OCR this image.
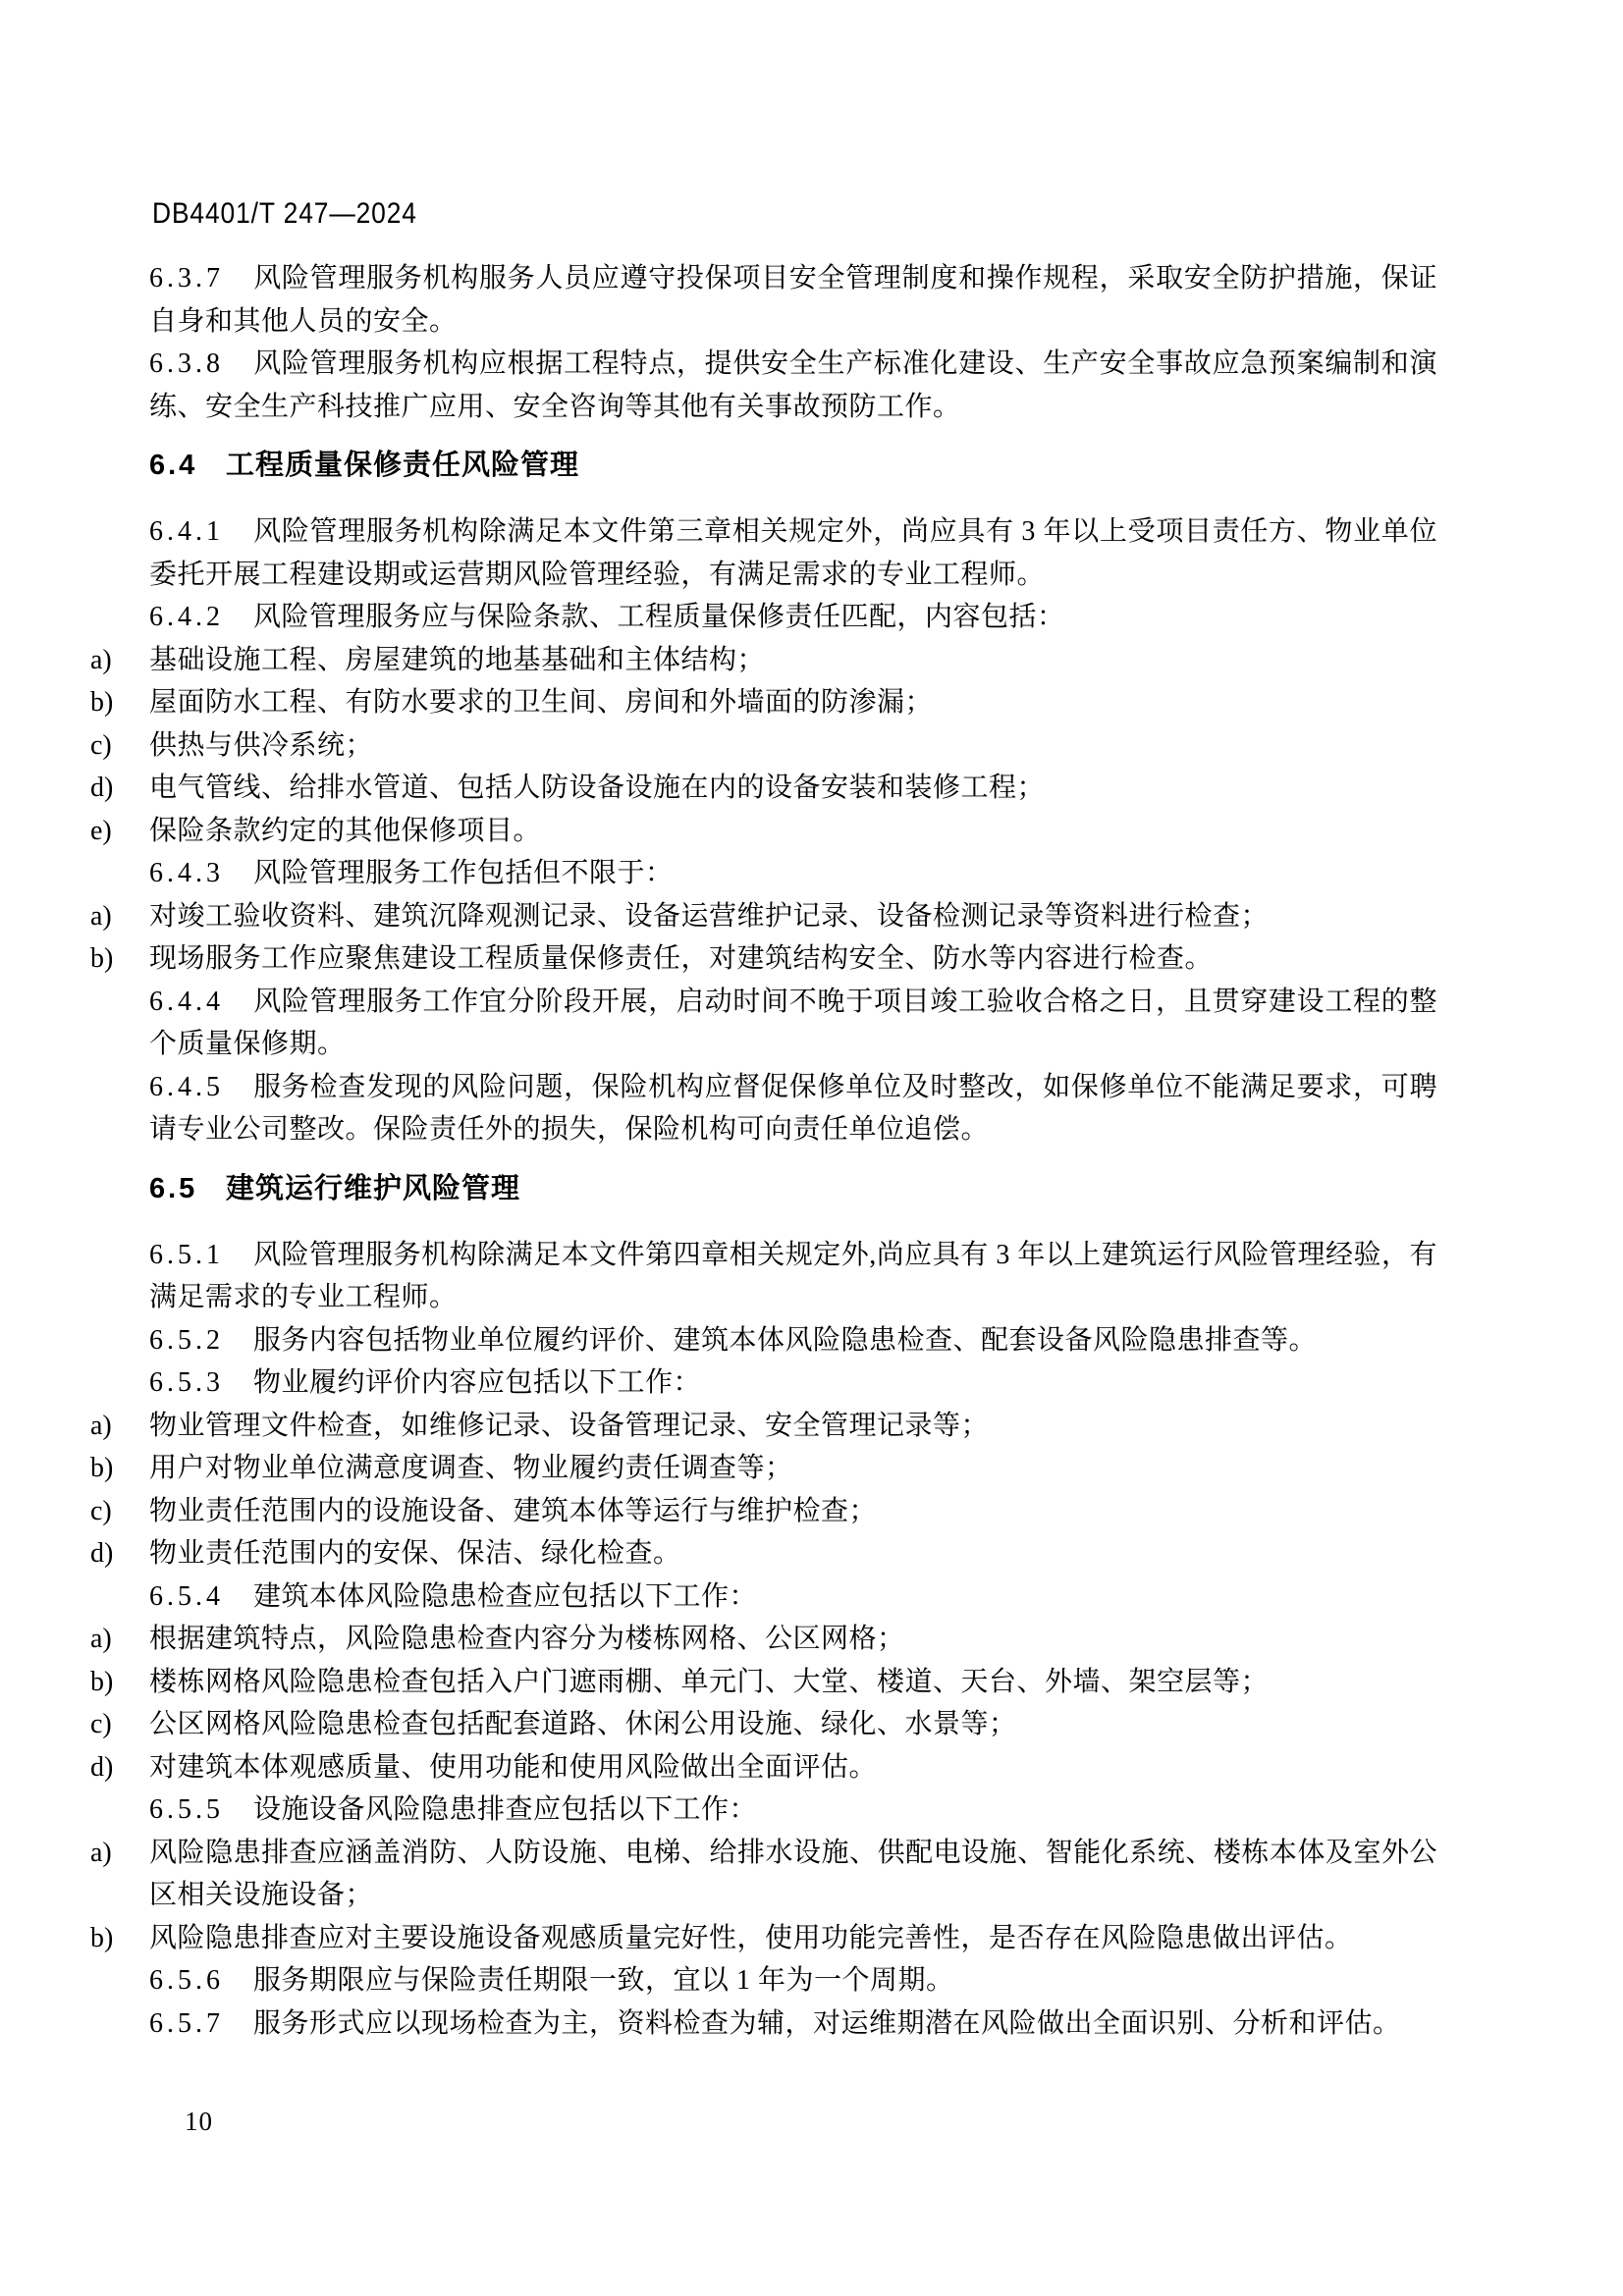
DB4401/T 247—2024

6.3.7 风险管理服务机构服务人员应遵守投保项目安全管理制度和操作规程，采取安全防护措施，保证自身和其他人员的安全。

6.3.8 风险管理服务机构应根据工程特点，提供安全生产标准化建设、生产安全事故应急预案编制和演练、安全生产科技推广应用、安全咨询等其他有关事故预防工作。

6.4 工程质量保修责任风险管理

6.4.1 风险管理服务机构除满足本文件第三章相关规定外，尚应具有 3 年以上受项目责任方、物业单位委托开展工程建设期或运营期风险管理经验，有满足需求的专业工程师。

6.4.2 风险管理服务应与保险条款、工程质量保修责任匹配，内容包括：

a) 基础设施工程、房屋建筑的地基基础和主体结构；

b) 屋面防水工程、有防水要求的卫生间、房间和外墙面的防渗漏；

c) 供热与供冷系统；

d) 电气管线、给排水管道、包括人防设备设施在内的设备安装和装修工程；

e) 保险条款约定的其他保修项目。

6.4.3 风险管理服务工作包括但不限于：

a) 对竣工验收资料、建筑沉降观测记录、设备运营维护记录、设备检测记录等资料进行检查；

b) 现场服务工作应聚焦建设工程质量保修责任，对建筑结构安全、防水等内容进行检查。

6.4.4 风险管理服务工作宜分阶段开展，启动时间不晚于项目竣工验收合格之日，且贯穿建设工程的整个质量保修期。

6.4.5 服务检查发现的风险问题，保险机构应督促保修单位及时整改，如保修单位不能满足要求，可聘请专业公司整改。保险责任外的损失，保险机构可向责任单位追偿。

6.5 建筑运行维护风险管理

6.5.1 风险管理服务机构除满足本文件第四章相关规定外,尚应具有 3 年以上建筑运行风险管理经验，有满足需求的专业工程师。

6.5.2 服务内容包括物业单位履约评价、建筑本体风险隐患检查、配套设备风险隐患排查等。

6.5.3 物业履约评价内容应包括以下工作：

a) 物业管理文件检查，如维修记录、设备管理记录、安全管理记录等；

b) 用户对物业单位满意度调查、物业履约责任调查等；

c) 物业责任范围内的设施设备、建筑本体等运行与维护检查；

d) 物业责任范围内的安保、保洁、绿化检查。

6.5.4 建筑本体风险隐患检查应包括以下工作：

a) 根据建筑特点，风险隐患检查内容分为楼栋网格、公区网格；

b) 楼栋网格风险隐患检查包括入户门遮雨棚、单元门、大堂、楼道、天台、外墙、架空层等；

c) 公区网格风险隐患检查包括配套道路、休闲公用设施、绿化、水景等；

d) 对建筑本体观感质量、使用功能和使用风险做出全面评估。

6.5.5 设施设备风险隐患排查应包括以下工作：

a) 风险隐患排查应涵盖消防、人防设施、电梯、给排水设施、供配电设施、智能化系统、楼栋本体及室外公区相关设施设备；

b) 风险隐患排查应对主要设施设备观感质量完好性，使用功能完善性，是否存在风险隐患做出评估。

6.5.6 服务期限应与保险责任期限一致，宜以 1 年为一个周期。

6.5.7 服务形式应以现场检查为主，资料检查为辅，对运维期潜在风险做出全面识别、分析和评估。

10
